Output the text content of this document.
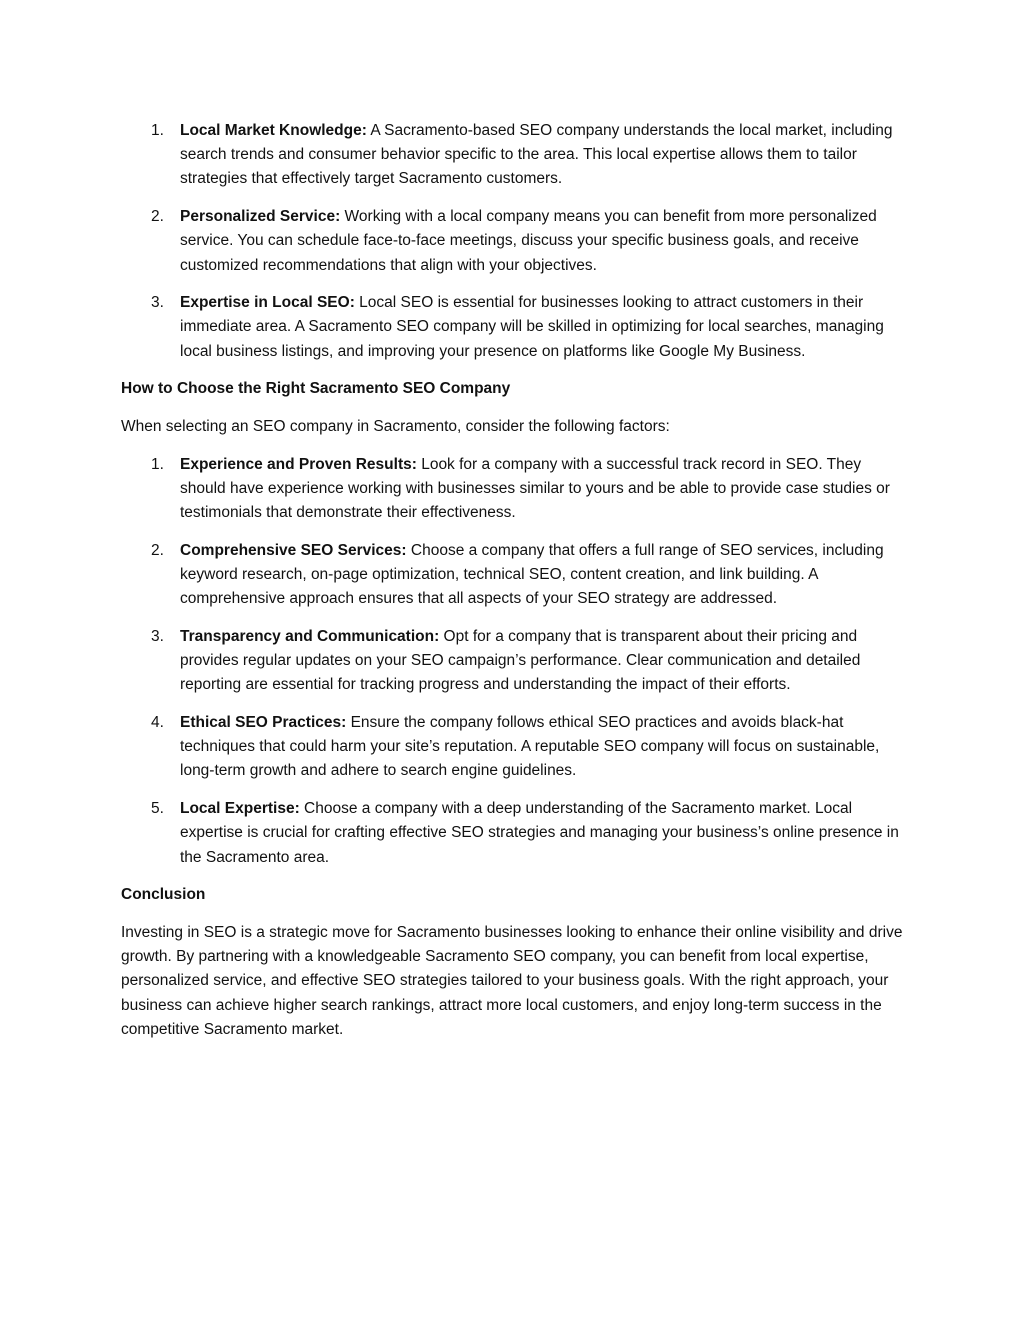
1.	Local Market Knowledge: A Sacramento-based SEO company understands the local market, including search trends and consumer behavior specific to the area. This local expertise allows them to tailor strategies that effectively target Sacramento customers.
2.	Personalized Service: Working with a local company means you can benefit from more personalized service. You can schedule face-to-face meetings, discuss your specific business goals, and receive customized recommendations that align with your objectives.
3.	Expertise in Local SEO: Local SEO is essential for businesses looking to attract customers in their immediate area. A Sacramento SEO company will be skilled in optimizing for local searches, managing local business listings, and improving your presence on platforms like Google My Business.
How to Choose the Right Sacramento SEO Company
When selecting an SEO company in Sacramento, consider the following factors:
1.	Experience and Proven Results: Look for a company with a successful track record in SEO. They should have experience working with businesses similar to yours and be able to provide case studies or testimonials that demonstrate their effectiveness.
2.	Comprehensive SEO Services: Choose a company that offers a full range of SEO services, including keyword research, on-page optimization, technical SEO, content creation, and link building. A comprehensive approach ensures that all aspects of your SEO strategy are addressed.
3.	Transparency and Communication: Opt for a company that is transparent about their pricing and provides regular updates on your SEO campaign’s performance. Clear communication and detailed reporting are essential for tracking progress and understanding the impact of their efforts.
4.	Ethical SEO Practices: Ensure the company follows ethical SEO practices and avoids black-hat techniques that could harm your site’s reputation. A reputable SEO company will focus on sustainable, long-term growth and adhere to search engine guidelines.
5.	Local Expertise: Choose a company with a deep understanding of the Sacramento market. Local expertise is crucial for crafting effective SEO strategies and managing your business’s online presence in the Sacramento area.
Conclusion
Investing in SEO is a strategic move for Sacramento businesses looking to enhance their online visibility and drive growth. By partnering with a knowledgeable Sacramento SEO company, you can benefit from local expertise, personalized service, and effective SEO strategies tailored to your business goals. With the right approach, your business can achieve higher search rankings, attract more local customers, and enjoy long-term success in the competitive Sacramento market.
